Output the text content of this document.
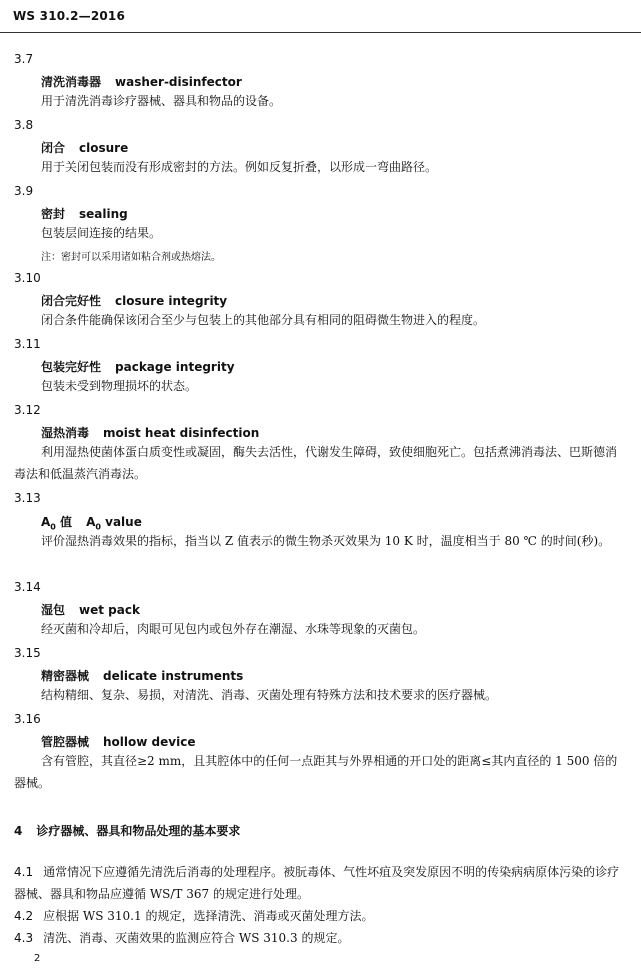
WS 310.2—2016
3.7
清洗消毒器 washer-disinfector
用于清洗消毒诊疗器械、器具和物品的设备。
3.8
闭合 closure
用于关闭包装而没有形成密封的方法。例如反复折叠，以形成一弯曲路径。
3.9
密封 sealing
包装层间连接的结果。
注：密封可以采用诸如粘合剂或热熔法。
3.10
闭合完好性 closure integrity
闭合条件能确保该闭合至少与包装上的其他部分具有相同的阻碍微生物进入的程度。
3.11
包装完好性 package integrity
包装未受到物理损坏的状态。
3.12
湿热消毒 moist heat disinfection
利用湿热使菌体蛋白质变性或凝固，酶失去活性，代谢发生障碍，致使细胞死亡。包括煮沸消毒法、巴斯德消毒法和低温蒸汽消毒法。
3.13
$A_0$ 值 $A_0$ value
评价湿热消毒效果的指标，指当以 Z 值表示的微生物杀灭效果为 10 K 时，温度相当于 80 ℃ 的时间(秒)。
3.14
湿包 wet pack
经灭菌和冷却后，肉眼可见包内或包外存在潮湿、水珠等现象的灭菌包。
3.15
精密器械 delicate instruments
结构精细、复杂、易损，对清洗、消毒、灭菌处理有特殊方法和技术要求的医疗器械。
3.16
管腔器械 hollow device
含有管腔，其直径≥2 mm，且其腔体中的任何一点距其与外界相通的开口处的距离≤其内直径的 1 500 倍的器械。
4 诊疗器械、器具和物品处理的基本要求
4.1 通常情况下应遵循先清洗后消毒的处理程序。被朊毒体、气性坏疽及突发原因不明的传染病病原体污染的诊疗器械、器具和物品应遵循 WS/T 367 的规定进行处理。
4.2 应根据 WS 310.1 的规定，选择清洗、消毒或灭菌处理方法。
4.3 清洗、消毒、灭菌效果的监测应符合 WS 310.3 的规定。
2
